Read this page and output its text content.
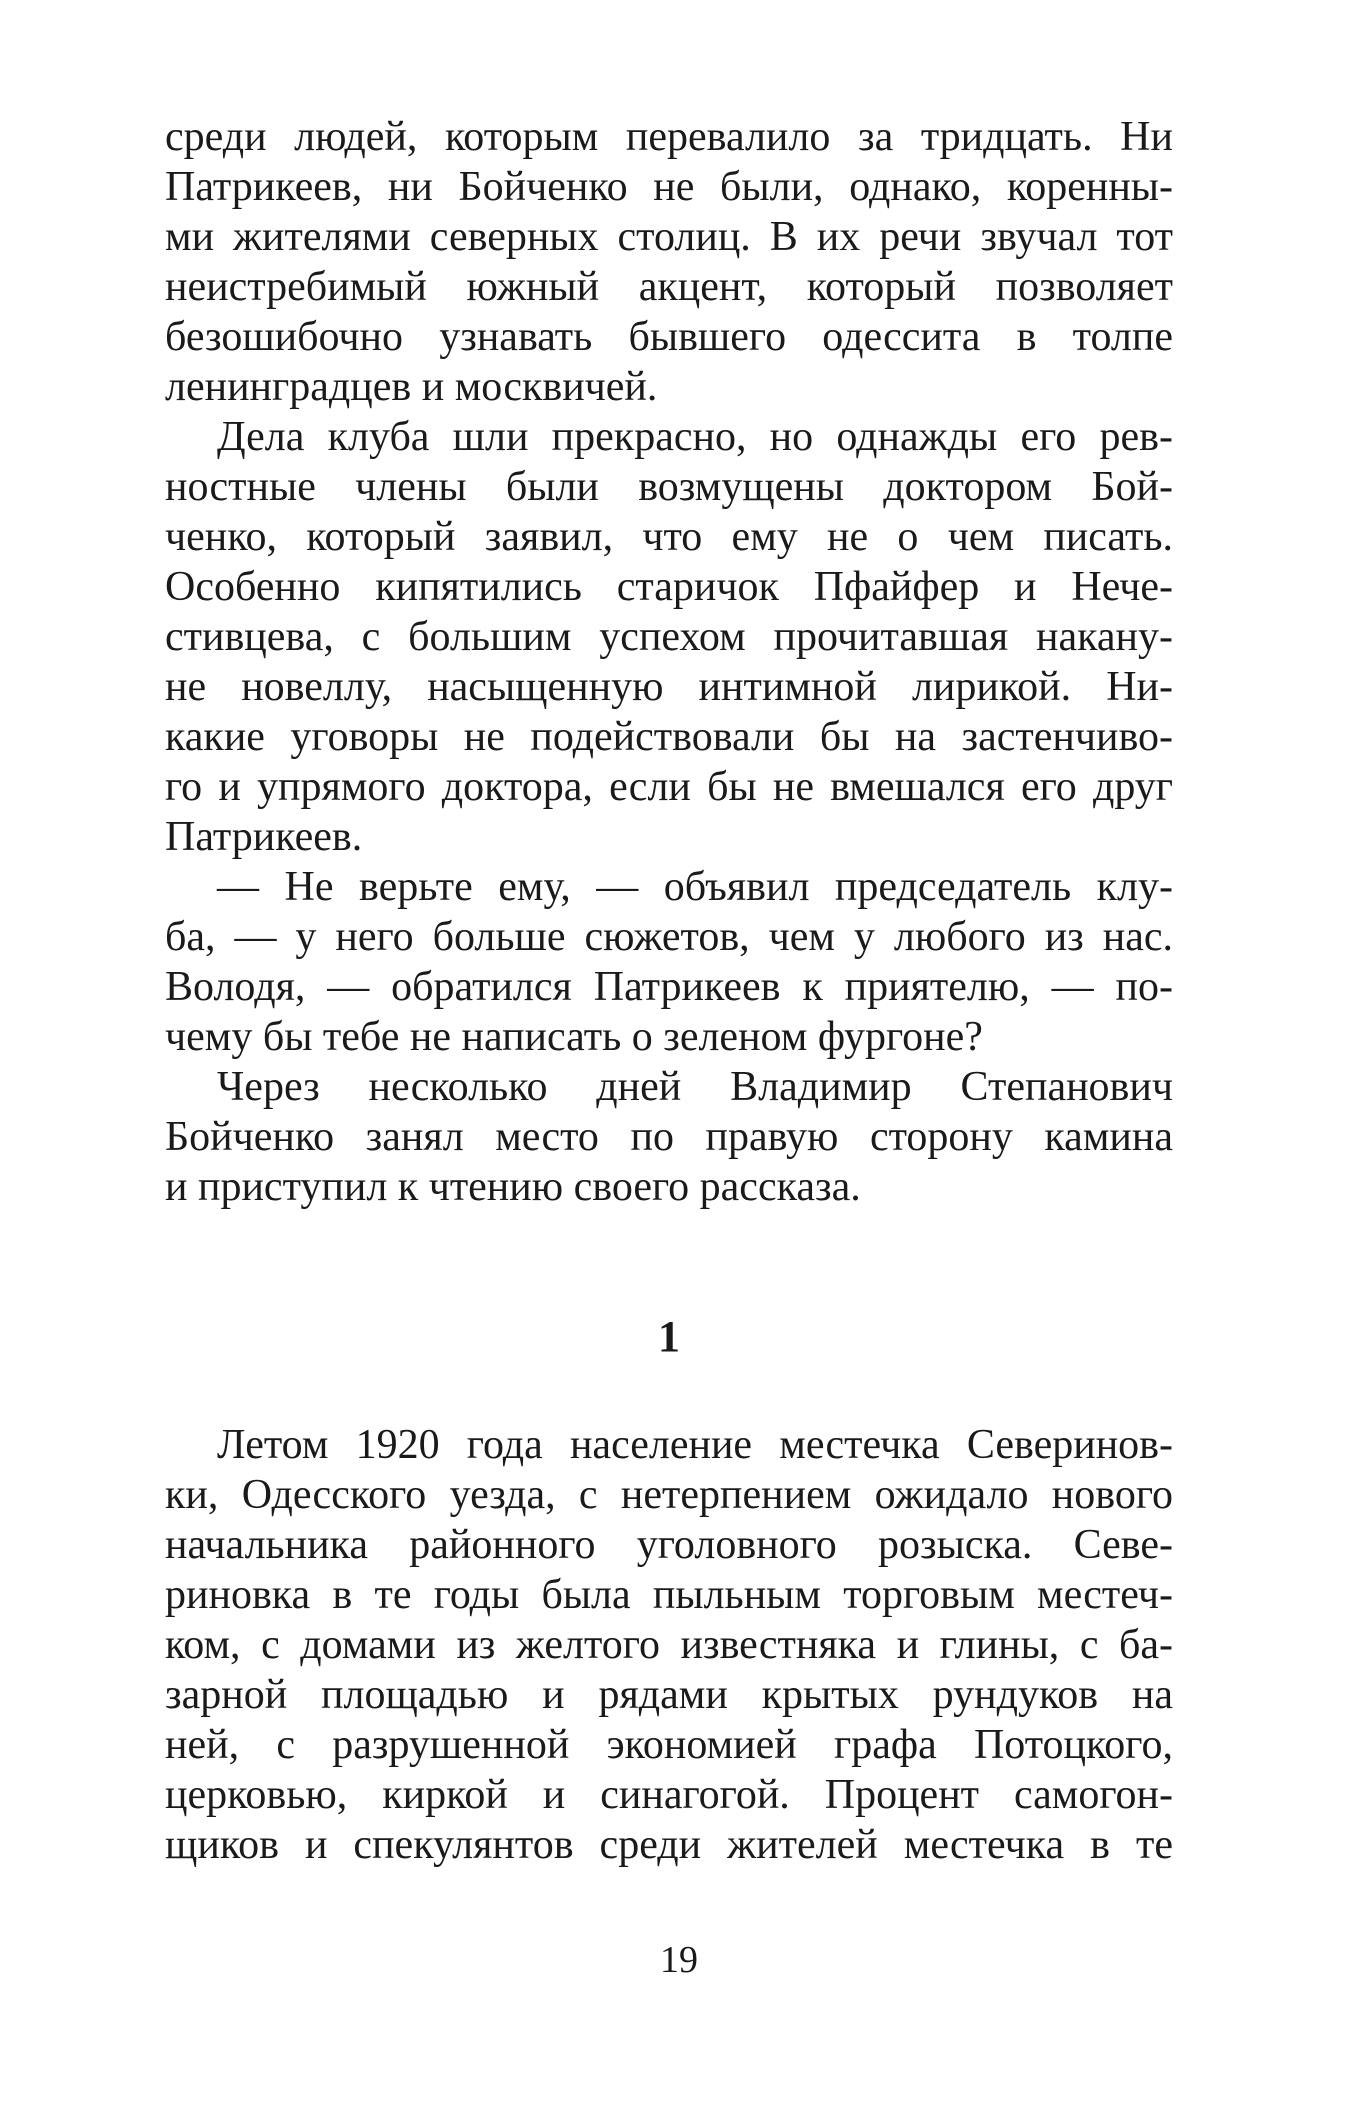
среди людей, которым перевалило за тридцать. Ни
Патрикеев, ни Бойченко не были, однако, коренны-
ми жителями северных столиц. В их речи звучал тот
неистребимый южный акцент, который позволяет
безошибочно узнавать бывшего одессита в толпе
ленинградцев и москвичей.
Дела клуба шли прекрасно, но однажды его рев-
ностные члены были возмущены доктором Бой-
ченко, который заявил, что ему не о чем писать.
Особенно кипятились старичок Пфайфер и Нече-
стивцева, с большим успехом прочитавшая накану-
не новеллу, насыщенную интимной лирикой. Ни-
какие уговоры не подействовали бы на застенчиво-
го и упрямого доктора, если бы не вмешался его друг
Патрикеев.
— Не верьте ему, — объявил председатель клу-
ба, — у него больше сюжетов, чем у любого из нас.
Володя, — обратился Патрикеев к приятелю, — по-
чему бы тебе не написать о зеленом фургоне?
Через несколько дней Владимир Степанович
Бойченко занял место по правую сторону камина
и приступил к чтению своего рассказа.
1
Летом 1920 года население местечка Северинов-
ки, Одесского уезда, с нетерпением ожидало нового
начальника районного уголовного розыска. Севе-
риновка в те годы была пыльным торговым местеч-
ком, с домами из желтого известняка и глины, с ба-
зарной площадью и рядами крытых рундуков на
ней, с разрушенной экономией графа Потоцкого,
церковью, киркой и синагогой. Процент самогон-
щиков и спекулянтов среди жителей местечка в те
19
